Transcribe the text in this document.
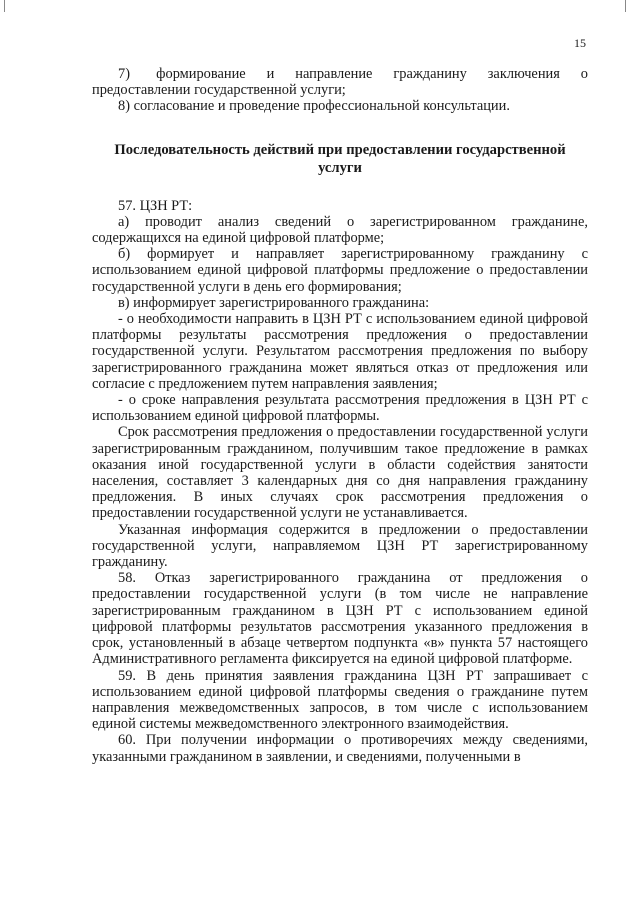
15

7)     формирование    и    направление    гражданину    заключения    о предоставлении государственной услуги;

8) согласование и проведение профессиональной консультации.

Последовательность действий при предоставлении государственной услуги

57. ЦЗН РТ:

а) проводит анализ сведений о зарегистрированном гражданине, содержащихся на единой цифровой платформе;

б) формирует и направляет зарегистрированному гражданину с использованием единой цифровой платформы предложение о предоставлении государственной услуги в день его формирования;

в) информирует зарегистрированного гражданина:

- о необходимости направить в ЦЗН РТ с использованием единой цифровой платформы результаты рассмотрения предложения о предоставлении государственной услуги. Результатом рассмотрения предложения по выбору зарегистрированного гражданина может являться отказ от предложения или согласие с предложением путем направления заявления;

- о сроке направления результата рассмотрения предложения в ЦЗН РТ с использованием единой цифровой платформы.

Срок рассмотрения предложения о предоставлении государственной услуги зарегистрированным гражданином, получившим такое предложение в рамках оказания иной государственной услуги в области содействия занятости населения, составляет 3 календарных дня со дня направления гражданину предложения. В иных случаях срок рассмотрения предложения о предоставлении государственной услуги не устанавливается.

Указанная информация содержится в предложении о предоставлении государственной услуги, направляемом ЦЗН РТ зарегистрированному гражданину.

58. Отказ зарегистрированного гражданина от предложения о предоставлении государственной услуги (в том числе не направление зарегистрированным гражданином в ЦЗН РТ с использованием единой цифровой платформы результатов рассмотрения указанного предложения в срок, установленный в абзаце четвертом подпункта «в» пункта 57 настоящего Административного регламента фиксируется на единой цифровой платформе.

59. В день принятия заявления гражданина ЦЗН РТ запрашивает с использованием единой цифровой платформы сведения о гражданине путем направления межведомственных запросов, в том числе с использованием единой системы межведомственного электронного взаимодействия.

60. При получении информации о противоречиях между сведениями, указанными гражданином в заявлении, и сведениями, полученными в
